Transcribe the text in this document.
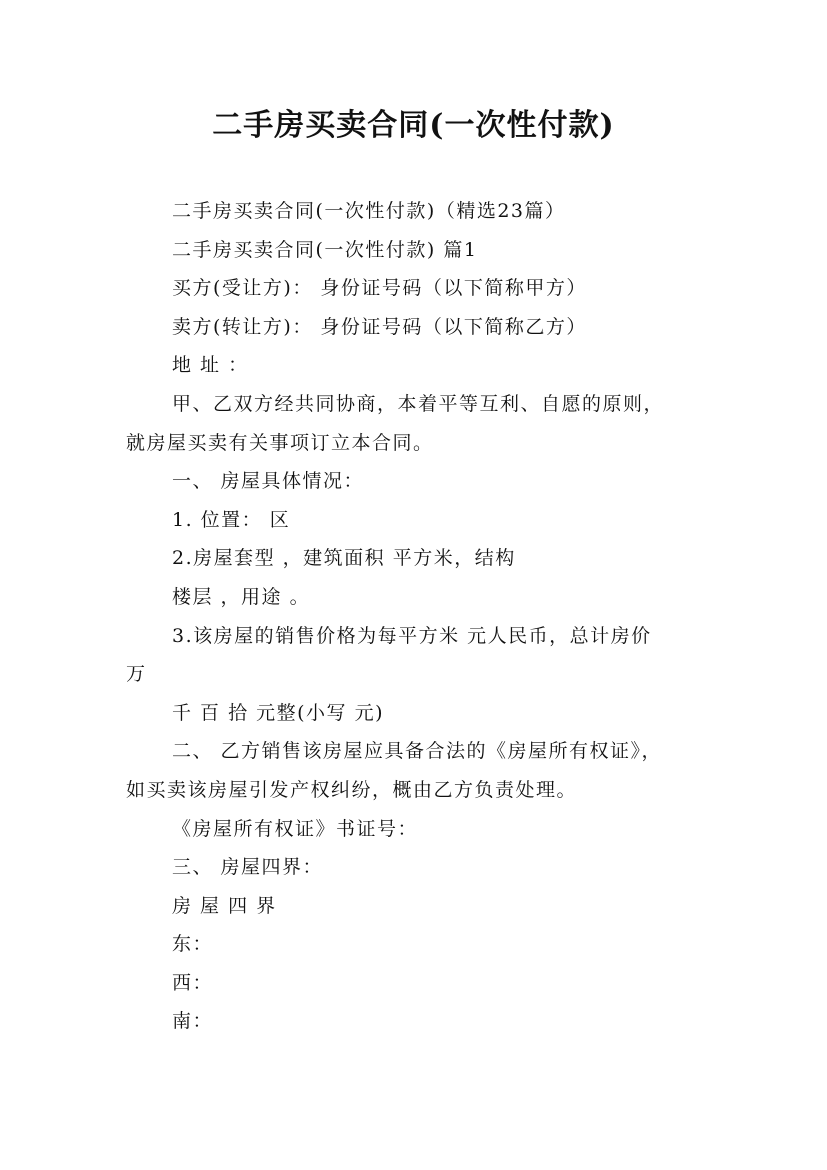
二手房买卖合同(一次性付款)
二手房买卖合同(一次性付款)（精选23篇）
二手房买卖合同(一次性付款) 篇1
买方(受让方)： 身份证号码（以下简称甲方）
卖方(转让方)： 身份证号码（以下简称乙方）
地 址 ：
甲、乙双方经共同协商，本着平等互利、自愿的原则，
就房屋买卖有关事项订立本合同。
一、 房屋具体情况：
1. 位置： 区
2.房屋套型 ，建筑面积 平方米，结构
楼层 ，用途 。
3.该房屋的销售价格为每平方米 元人民币，总计房价
万
千 百 拾 元整(小写 元)
二、 乙方销售该房屋应具备合法的《房屋所有权证》，
如买卖该房屋引发产权纠纷，概由乙方负责处理。
《房屋所有权证》书证号：
三、 房屋四界：
房 屋 四 界
东：
西：
南：
